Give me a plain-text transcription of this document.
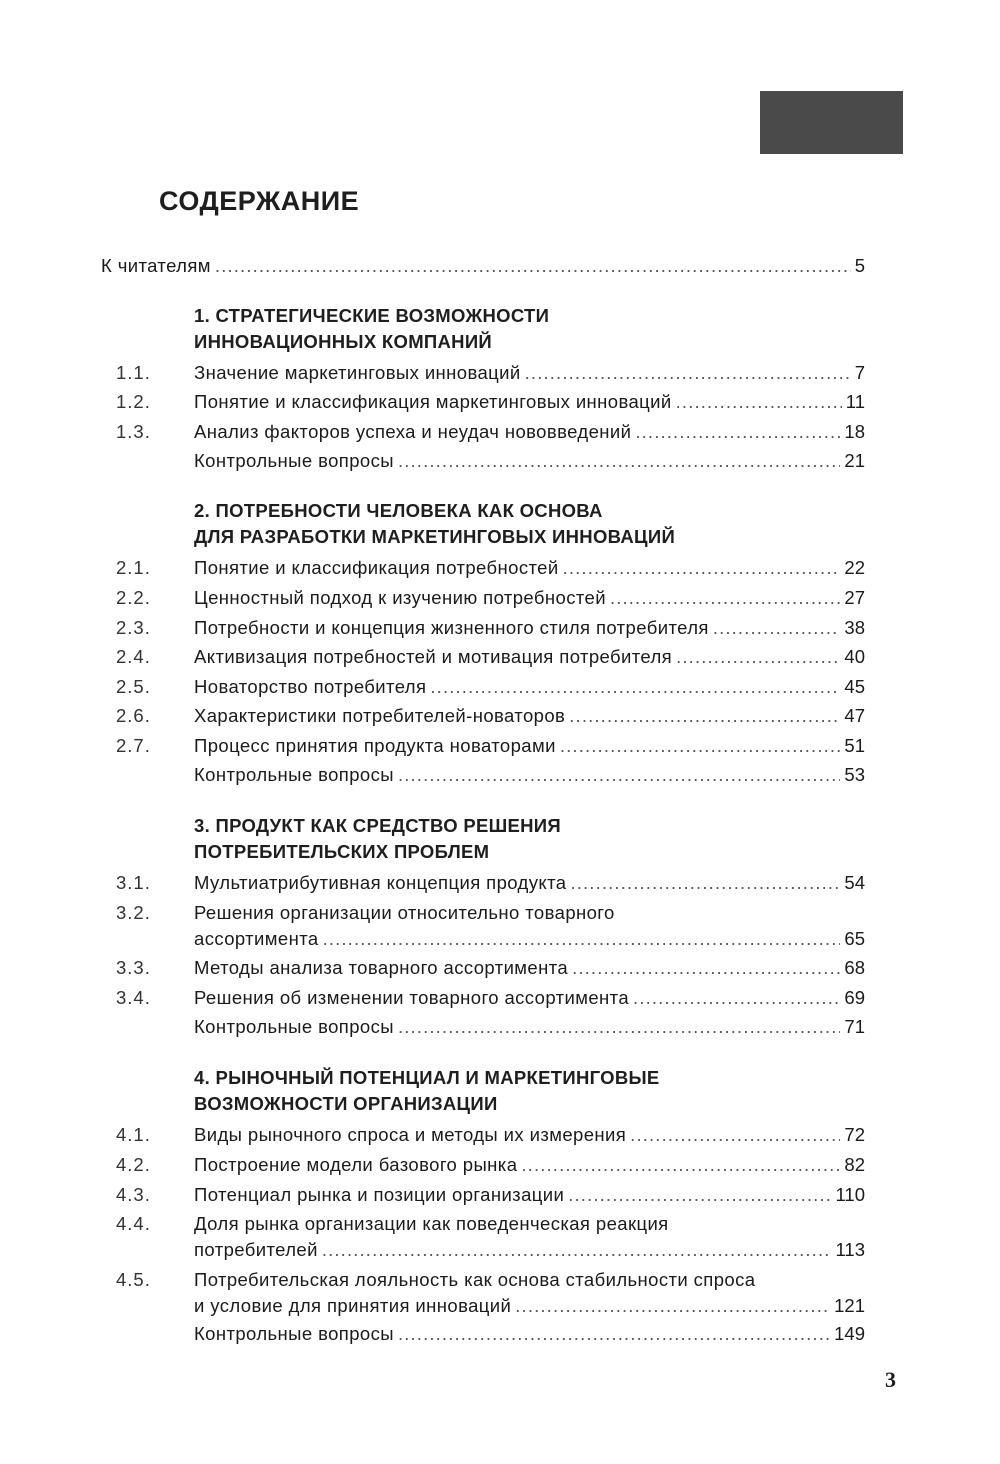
СОДЕРЖАНИЕ
К читателям . . .	5
1. СТРАТЕГИЧЕСКИЕ ВОЗМОЖНОСТИ
ИННОВАЦИОННЫХ КОМПАНИЙ
1.1. Значение маркетинговых инноваций . . .	7
1.2. Понятие и классификация маркетинговых инноваций . . .	11
1.3. Анализ факторов успеха и неудач нововведений . . .	18
Контрольные вопросы . . .	21
2. ПОТРЕБНОСТИ ЧЕЛОВЕКА КАК ОСНОВА
ДЛЯ РАЗРАБОТКИ МАРКЕТИНГОВЫХ ИННОВАЦИЙ
2.1. Понятие и классификация потребностей . . .	22
2.2. Ценностный подход к изучению потребностей . . .	27
2.3. Потребности и концепция жизненного стиля потребителя . . .	38
2.4. Активизация потребностей и мотивация потребителя . . .	40
2.5. Новаторство потребителя . . .	45
2.6. Характеристики потребителей-новаторов . . .	47
2.7. Процесс принятия продукта новаторами . . .	51
Контрольные вопросы . . .	53
3. ПРОДУКТ КАК СРЕДСТВО РЕШЕНИЯ
ПОТРЕБИТЕЛЬСКИХ ПРОБЛЕМ
3.1. Мультиатрибутивная концепция продукта . . .	54
3.2. Решения организации относительно товарного
ассортимента . . .	65
3.3. Методы анализа товарного ассортимента . . .	68
3.4. Решения об изменении товарного ассортимента . . .	69
Контрольные вопросы . . .	71
4. РЫНОЧНЫЙ ПОТЕНЦИАЛ И МАРКЕТИНГОВЫЕ
ВОЗМОЖНОСТИ ОРГАНИЗАЦИИ
4.1. Виды рыночного спроса и методы их измерения . . .	72
4.2. Построение модели базового рынка . . .	82
4.3. Потенциал рынка и позиции организации . . .	110
4.4. Доля рынка организации как поведенческая реакция
потребителей . . .	113
4.5. Потребительская лояльность как основа стабильности спроса
и условие для принятия инноваций . . .	121
Контрольные вопросы . . .	149
3
